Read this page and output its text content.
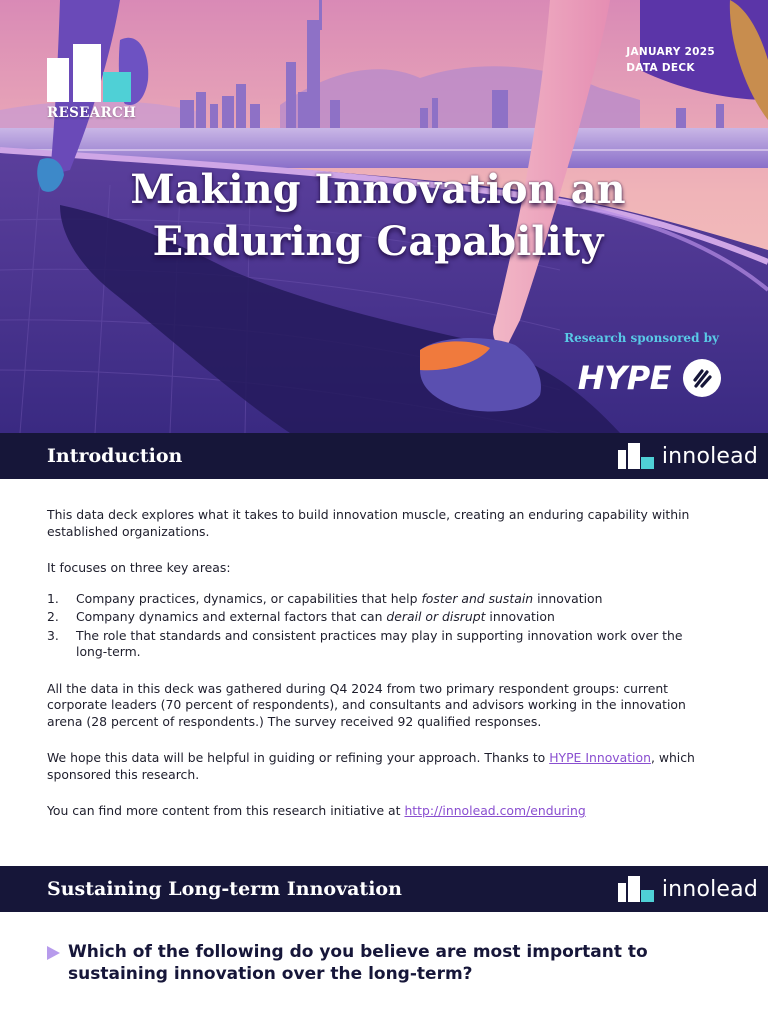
RESEARCH
JANUARY 2025
DATA DECK
Making Innovation an
Enduring Capability
Research sponsored by
HYPE
Introduction	innolead

This data deck explores what it takes to build innovation muscle, creating an enduring capability within established organizations.

It focuses on three key areas:

1. Company practices, dynamics, or capabilities that help foster and sustain innovation
2. Company dynamics and external factors that can derail or disrupt innovation
3. The role that standards and consistent practices may play in supporting innovation work over the long-term.

All the data in this deck was gathered during Q4 2024 from two primary respondent groups: current corporate leaders (70 percent of respondents), and consultants and advisors working in the innovation arena (28 percent of respondents.) The survey received 92 qualified responses.

We hope this data will be helpful in guiding or refining your approach. Thanks to HYPE Innovation, which sponsored this research.

You can find more content from this research initiative at http://innolead.com/enduring

Sustaining Long-term Innovation	innolead
Which of the following do you believe are most important to sustaining innovation over the long-term?
